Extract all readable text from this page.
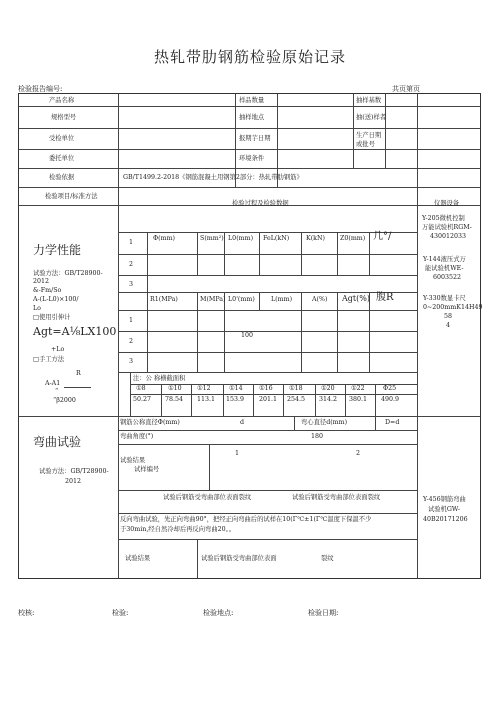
热轧带肋钢筋检验原始记录
检验报告编号:	共页第页
产品名称	样品数量	抽样基数
规格型号	抽样地点	抽(送)样者
受检单位	报期芋日期	生产日期或批号
委托单位	环境条件
检验依据	GB/T1499.2-2018《钢筋混凝土用钢第2部分：热轧带肋钢筋》
检验项目/标准方法
检验过程及检验数据	仪器设备
力学性能
试验方法：GB/T28900-
2012
&-Fm/So
A-(L-L0)×100/
Lo
□使用引伸计
Agt=A⅛LX100
+Lo
□手工方法
R
A-A1
“
“β2000
Φ(mm)	S(mm²) L0(mm) FeL(kN)	K(kN) Z0(mm) 几°/
1
2
3
R1(MPa)	M(MPa) L0'(mm)	L(mm)	A(%) Agt(%) 腹R
1
2
3
100
注：公 称横截面积
①8	①10 ①12	①14	①16	①18	①20	①22	Φ25
50.27 78.54 113.1 153.9 201.1 254.5 314.2 380.1 490.9
弯曲试验
试验方法：GB/T28900-
2012
钢筋公称直径Φ(mm)	d	弯心直径d(mm)	D=d
弯曲角度(°)	180
试验结果
试样编号
1	2
试验后钢筋受弯曲部位表面裂纹	试验后钢筋受弯曲部位表面裂纹
反向弯曲试验，先正向弯曲90°，把经正向弯曲后的试样在10(Γ℃±1(Γ℃温度下保温不少
于30min,经自然冷却后再反向弯曲20。。
试验结果	试验后钢筋受弯曲部位表面	裂纹
Y-205微机控制
万能试验机RGM-
430012033
Y-144液压式万
能试验机WE-
6003522
Y-330数显卡尺
0~200mmK14H49
58
4
Y-456钢筋弯曲
试验机GW-
40B20171206
校核:	检验:	检验地点:	检验日期:
